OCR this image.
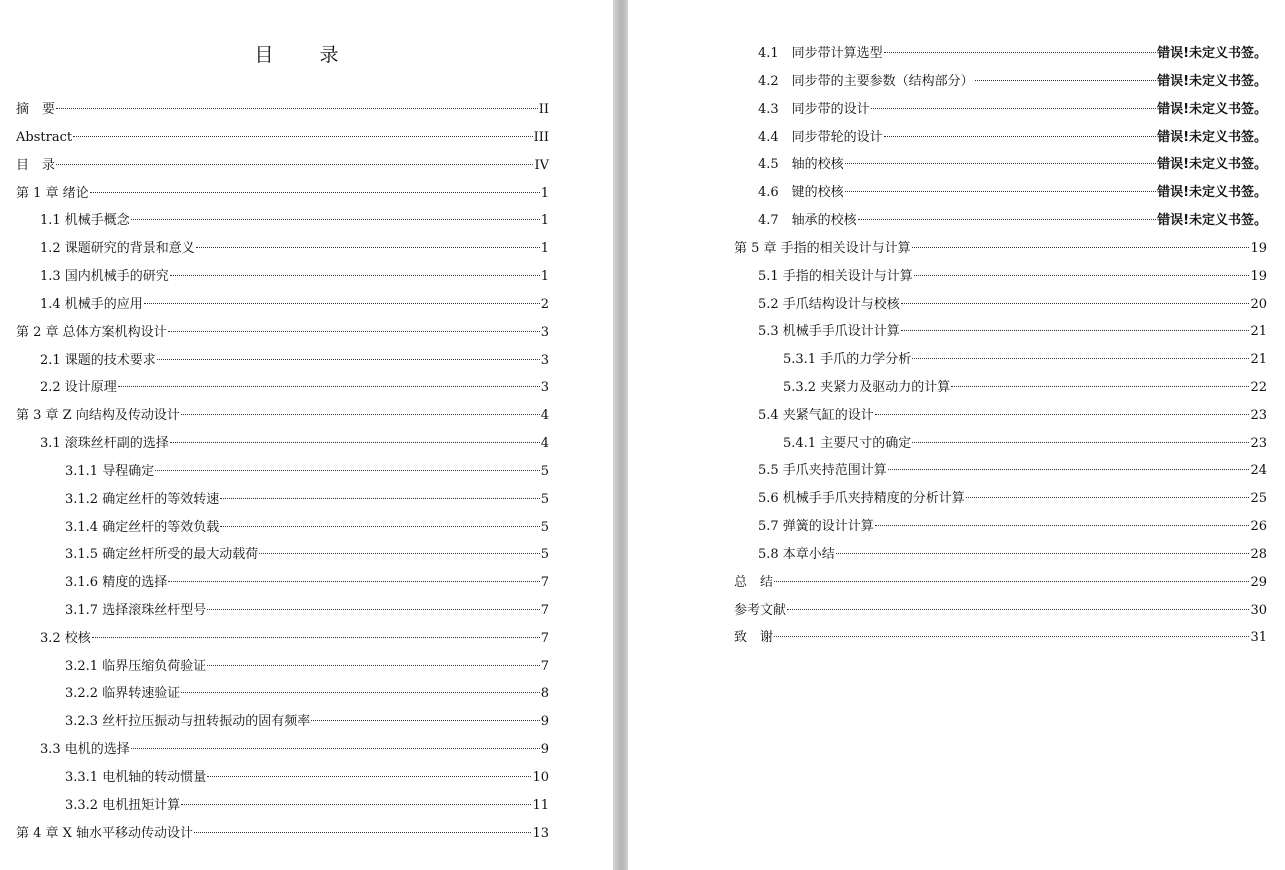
目 录
摘　要	II
Abstract	III
目　录	IV
第 1 章 绪论	1
1.1 机械手概念	1
1.2 课题研究的背景和意义	1
1.3 国内机械手的研究	1
1.4 机械手的应用	2
第 2 章 总体方案机构设计	3
2.1 课题的技术要求	3
2.2 设计原理	3
第 3 章 Z 向结构及传动设计	4
3.1 滚珠丝杆副的选择	4
3.1.1 导程确定	5
3.1.2 确定丝杆的等效转速	5
3.1.4 确定丝杆的等效负载	5
3.1.5 确定丝杆所受的最大动载荷	5
3.1.6 精度的选择	7
3.1.7 选择滚珠丝杆型号	7
3.2 校核	7
3.2.1 临界压缩负荷验证	7
3.2.2 临界转速验证	8
3.2.3 丝杆拉压振动与扭转振动的固有频率	9
3.3 电机的选择	9
3.3.1 电机轴的转动惯量	10
3.3.2 电机扭矩计算	11
第 4 章 X 轴水平移动传动设计	13
4.1　同步带计算选型	错误!未定义书签。
4.2　同步带的主要参数（结构部分）	错误!未定义书签。
4.3　同步带的设计	错误!未定义书签。
4.4　同步带轮的设计	错误!未定义书签。
4.5　轴的校核	错误!未定义书签。
4.6　键的校核	错误!未定义书签。
4.7　轴承的校核	错误!未定义书签。
第 5 章 手指的相关设计与计算	19
5.1 手指的相关设计与计算	19
5.2 手爪结构设计与校核	20
5.3 机械手手爪设计计算	21
5.3.1 手爪的力学分析	21
5.3.2 夹紧力及驱动力的计算	22
5.4 夹紧气缸的设计	23
5.4.1 主要尺寸的确定	23
5.5 手爪夹持范围计算	24
5.6 机械手手爪夹持精度的分析计算	25
5.7 弹簧的设计计算	26
5.8 本章小结	28
总　结	29
参考文献	30
致　谢	31
